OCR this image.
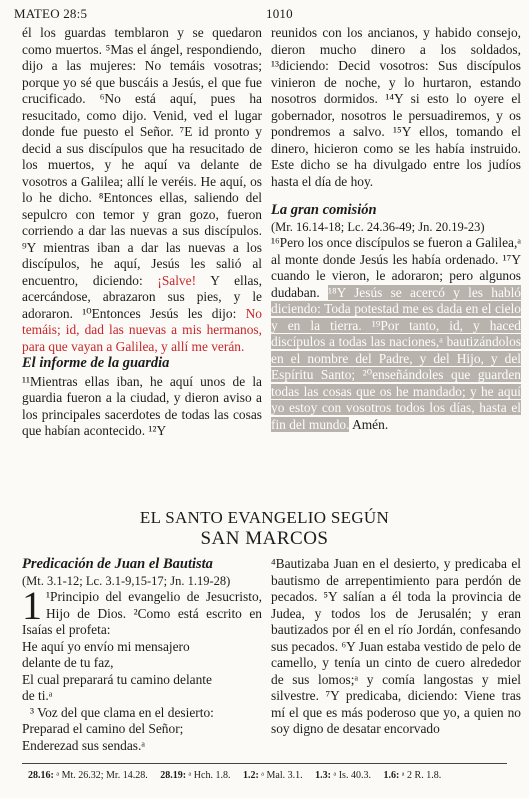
MATEO 28:5	1010

él los guardas temblaron y se quedaron como muertos. ⁵Mas el ángel, respondiendo, dijo a las mujeres: No temáis vosotras; porque yo sé que buscáis a Jesús, el que fue crucificado. ⁶No está aquí, pues ha resucitado, como dijo. Venid, ved el lugar donde fue puesto el Señor. ⁷E id pronto y decid a sus discípulos que ha resucitado de los muertos, y he aquí va delante de vosotros a Galilea; allí le veréis. He aquí, os lo he dicho. ⁸Entonces ellas, saliendo del sepulcro con temor y gran gozo, fueron corriendo a dar las nuevas a sus discípulos. ⁹Y mientras iban a dar las nuevas a los discípulos, he aquí, Jesús les salió al encuentro, diciendo: ¡Salve! Y ellas, acercándose, abrazaron sus pies, y le adoraron. ¹⁰Entonces Jesús les dijo: No temáis; id, dad las nuevas a mis hermanos, para que vayan a Galilea, y allí me verán.

El informe de la guardia

¹¹Mientras ellas iban, he aquí unos de la guardia fueron a la ciudad, y dieron aviso a los principales sacerdotes de todas las cosas que habían acontecido. ¹²Y

reunidos con los ancianos, y habido consejo, dieron mucho dinero a los soldados, ¹³diciendo: Decid vosotros: Sus discípulos vinieron de noche, y lo hurtaron, estando nosotros dormidos. ¹⁴Y si esto lo oyere el gobernador, nosotros le persuadiremos, y os pondremos a salvo. ¹⁵Y ellos, tomando el dinero, hicieron como se les había instruido. Este dicho se ha divulgado entre los judíos hasta el día de hoy.

La gran comisión

(Mr. 16.14-18; Lc. 24.36-49; Jn. 20.19-23)

¹⁶Pero los once discípulos se fueron a Galilea,ᵃ al monte donde Jesús les había ordenado. ¹⁷Y cuando le vieron, le adoraron; pero algunos dudaban. ¹⁸Y Jesús se acercó y les habló diciendo: Toda potestad me es dada en el cielo y en la tierra. ¹⁹Por tanto, id, y haced discípulos a todas las naciones,ᵃ bautizándolos en el nombre del Padre, y del Hijo, y del Espíritu Santo; ²⁰enseñándoles que guarden todas las cosas que os he mandado; y he aquí yo estoy con vosotros todos los días, hasta el fin del mundo. Amén.

EL SANTO EVANGELIO SEGÚN
SAN MARCOS

Predicación de Juan el Bautista

(Mt. 3.1-12; Lc. 3.1-9,15-17; Jn. 1.19-28)

1 ¹Principio del evangelio de Jesucristo, Hijo de Dios. ²Como está escrito en Isaías el profeta:

He aquí yo envío mi mensajero

delante de tu faz,

El cual preparará tu camino delante

de ti.ᵃ

³ Voz del que clama en el desierto:

Preparad el camino del Señor;

Enderezad sus sendas.ᵃ

⁴Bautizaba Juan en el desierto, y predicaba el bautismo de arrepentimiento para perdón de pecados. ⁵Y salían a él toda la provincia de Judea, y todos los de Jerusalén; y eran bautizados por él en el río Jordán, confesando sus pecados. ⁶Y Juan estaba vestido de pelo de camello, y tenía un cinto de cuero alrededor de sus lomos;ᵃ y comía langostas y miel silvestre. ⁷Y predicaba, diciendo: Viene tras mí el que es más poderoso que yo, a quien no soy digno de desatar encorvado

28.16: ᵃ Mt. 26.32; Mr. 14.28. 28.19: ᵃ Hch. 1.8. 1.2: ᵃ Mal. 3.1. 1.3: ᵃ Is. 40.3. 1.6: ᵃ 2 R. 1.8.
